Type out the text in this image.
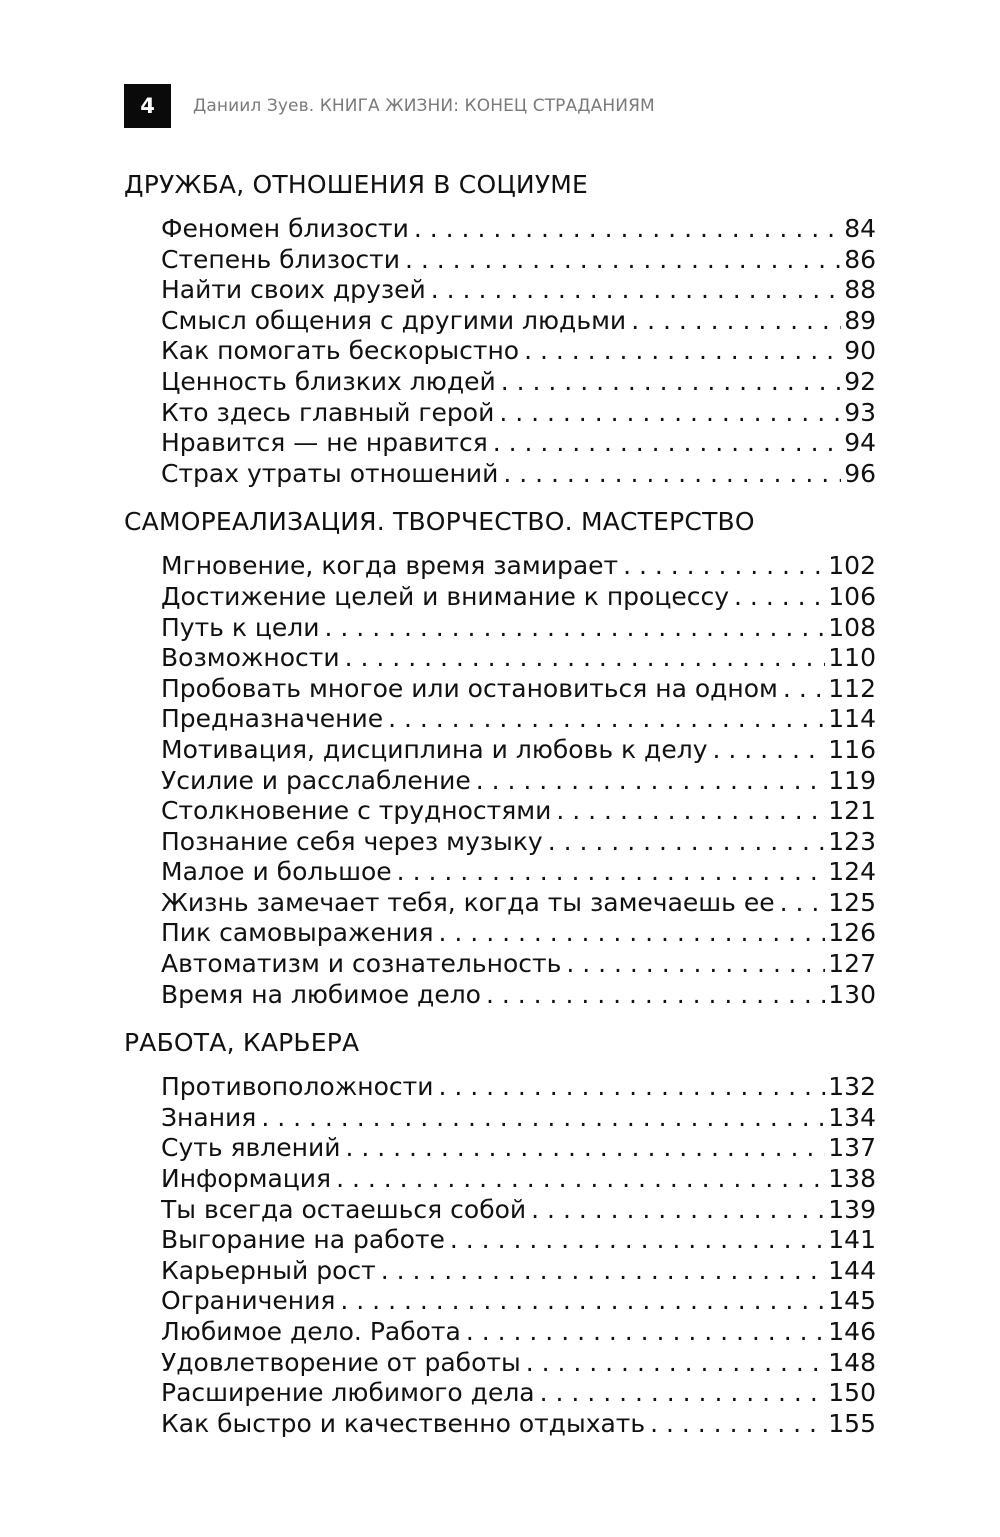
4	Даниил Зуев. КНИГА ЖИЗНИ: КОНЕЦ СТРАДАНИЯМ
ДРУЖБА, ОТНОШЕНИЯ В СОЦИУМЕ
Феномен близости . . .	84
Степень близости . . .	86
Найти своих друзей . . .	88
Смысл общения с другими людьми . . .	89
Как помогать бескорыстно . . .	90
Ценность близких людей . . .	92
Кто здесь главный герой . . .	93
Нравится — не нравится . . .	94
Страх утраты отношений . . .	96
САМОРЕАЛИЗАЦИЯ. ТВОРЧЕСТВО. МАСТЕРСТВО
Мгновение, когда время замирает . . .	102
Достижение целей и внимание к процессу . . .	106
Путь к цели . . .	108
Возможности . . .	110
Пробовать многое или остановиться на одном . . . 112
Предназначение . . .	114
Мотивация, дисциплина и любовь к делу . . .	116
Усилие и расслабление . . .	119
Столкновение с трудностями . . .	121
Познание себя через музыку . . .	123
Малое и большое . . .	124
Жизнь замечает тебя, когда ты замечаешь ее . . . 125
Пик самовыражения . . .	126
Автоматизм и сознательность . . .	127
Время на любимое дело . . .	130
РАБОТА, КАРЬЕРА
Противоположности . . .	132
Знания . . .	134
Суть явлений . . .	137
Информация . . .	138
Ты всегда остаешься собой . . .	139
Выгорание на работе . . .	141
Карьерный рост . . .	144
Ограничения . . .	145
Любимое дело. Работа . . .	146
Удовлетворение от работы . . .	148
Расширение любимого дела . . .	150
Как быстро и качественно отдыхать . . .	155
